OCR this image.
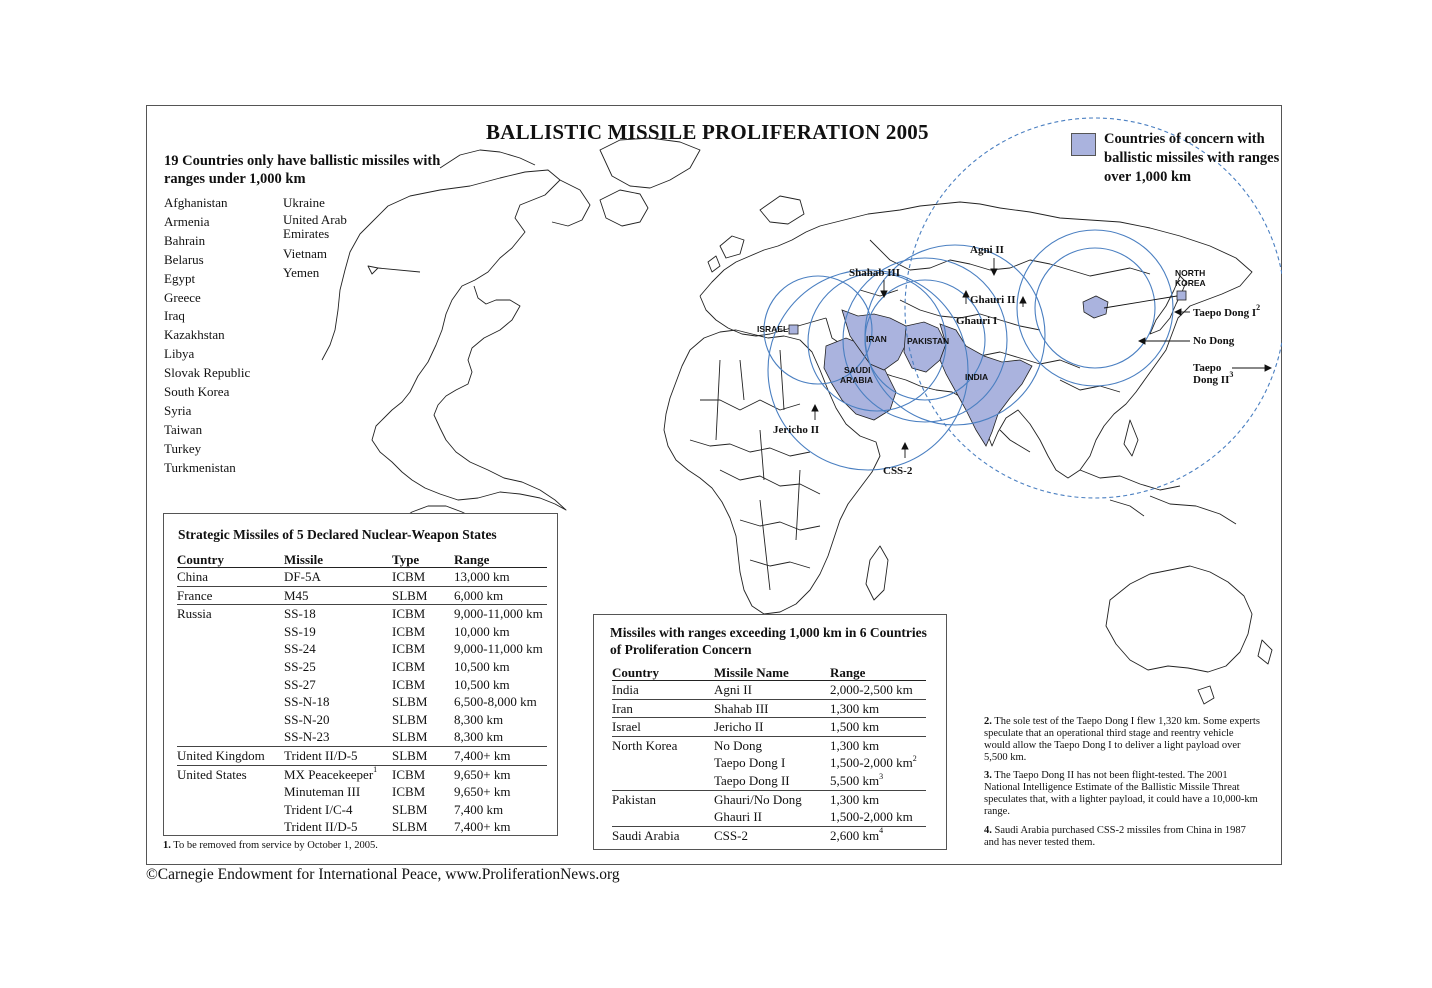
BALLISTIC MISSILE PROLIFERATION 2005
19 Countries only have ballistic missiles with ranges under 1,000 km
Afghanistan
Armenia
Bahrain
Belarus
Egypt
Greece
Iraq
Kazakhstan
Libya
Slovak Republic
South Korea
Syria
Taiwan
Turkey
Turkmenistan
Ukraine
United Arab Emirates
Vietnam
Yemen
Countries of concern with ballistic missiles with ranges over 1,000 km
ISRAEL
IRAN PAKISTAN
SAUDI
ARABIA	INDIA
NORTH
KOREA
Shahab III
Agni II
Ghauri II
Ghauri I
Jericho II
CSS-2
Taepo Dong $I^2$
No Dong
Taepo
Dong $II^3$
Strategic Missiles of 5 Declared Nuclear-Weapon States
Country	Missile	Type	Range
China	DF-5A	ICBM	13,000 km
France	M45	SLBM	6,000 km
Russia	SS-18	ICBM	9,000-11,000 km
	SS-19	ICBM	10,000 km
	SS-24	ICBM	9,000-11,000 km
	SS-25	ICBM	10,500 km
	SS-27	ICBM	10,500 km
	SS-N-18	SLBM	6,500-8,000 km
	SS-N-20	SLBM	8,300 km
	SS-N-23	SLBM	8,300 km
United Kingdom	Trident II/D-5	SLBM	7,400+ km
United States	MX Peacekeeper$^1$	ICBM	9,650+ km
	Minuteman III	ICBM	9,650+ km
	Trident I/C-4	SLBM	7,400 km
	Trident II/D-5	SLBM	7,400+ km
1. To be removed from service by October 1, 2005.
Missiles with ranges exceeding 1,000 km in 6 Countries of Proliferation Concern
Country	Missile Name	Range
India	Agni II	2,000-2,500 km
Iran	Shahab III	1,300 km
Israel	Jericho II	1,500 km
North Korea	No Dong	1,300 km
	Taepo Dong I	1,500-2,000 $km^2$
	Taepo Dong II	5,500 $km^3$
Pakistan	Ghauri/No Dong	1,300 km
	Ghauri II	1,500-2,000 km
Saudi Arabia	CSS-2	2,600 $km^4$
2. The sole test of the Taepo Dong I flew 1,320 km. Some experts speculate that an operational third stage and reentry vehicle would allow the Taepo Dong I to deliver a light payload over 5,500 km.
3. The Taepo Dong II has not been flight-tested. The 2001 National Intelligence Estimate of the Ballistic Missile Threat speculates that, with a lighter payload, it could have a 10,000-km range.
4. Saudi Arabia purchased CSS-2 missiles from China in 1987 and has never tested them.
©Carnegie Endowment for International Peace, www.ProliferationNews.org
